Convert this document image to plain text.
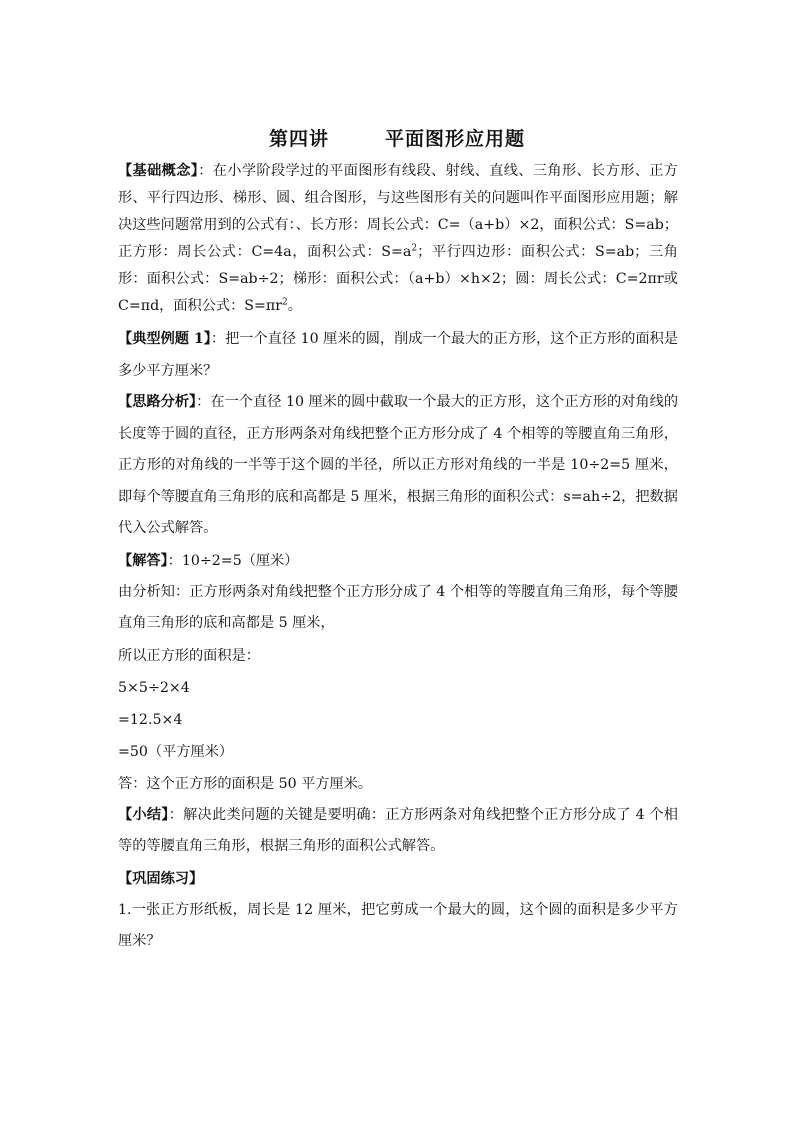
第四讲	平面图形应用题

【基础概念】：在小学阶段学过的平面图形有线段、射线、直线、三角形、长方形、正方形、平行四边形、梯形、圆、组合图形，与这些图形有关的问题叫作平面图形应用题；解决这些问题常用到的公式有：、长方形：周长公式：C=（a+b）×2，面积公式：S=ab；正方形：周长公式：C=4a，面积公式：$S=a^2$；平行四边形：面积公式：S=ab；三角形：面积公式：S=ab÷2；梯形：面积公式：（a+b）×h×2；圆：周长公式：C=2πr或C=πd，面积公式：$S=\pi r^2$。

【典型例题 1】：把一个直径 10 厘米的圆，削成一个最大的正方形，这个正方形的面积是多少平方厘米？

【思路分析】：在一个直径 10 厘米的圆中截取一个最大的正方形，这个正方形的对角线的长度等于圆的直径，正方形两条对角线把整个正方形分成了 4 个相等的等腰直角三角形，正方形的对角线的一半等于这个圆的半径，所以正方形对角线的一半是 10÷2=5 厘米，即每个等腰直角三角形的底和高都是 5 厘米，根据三角形的面积公式：s=ah÷2，把数据代入公式解答。

【解答】：10÷2=5（厘米）

由分析知：正方形两条对角线把整个正方形分成了 4 个相等的等腰直角三角形，每个等腰直角三角形的底和高都是 5 厘米，

所以正方形的面积是：

5×5÷2×4

=12.5×4

=50（平方厘米）

答：这个正方形的面积是 50 平方厘米。

【小结】：解决此类问题的关键是要明确：正方形两条对角线把整个正方形分成了 4 个相等的等腰直角三角形，根据三角形的面积公式解答。

【巩固练习】

1.一张正方形纸板，周长是 12 厘米，把它剪成一个最大的圆，这个圆的面积是多少平方厘米？
